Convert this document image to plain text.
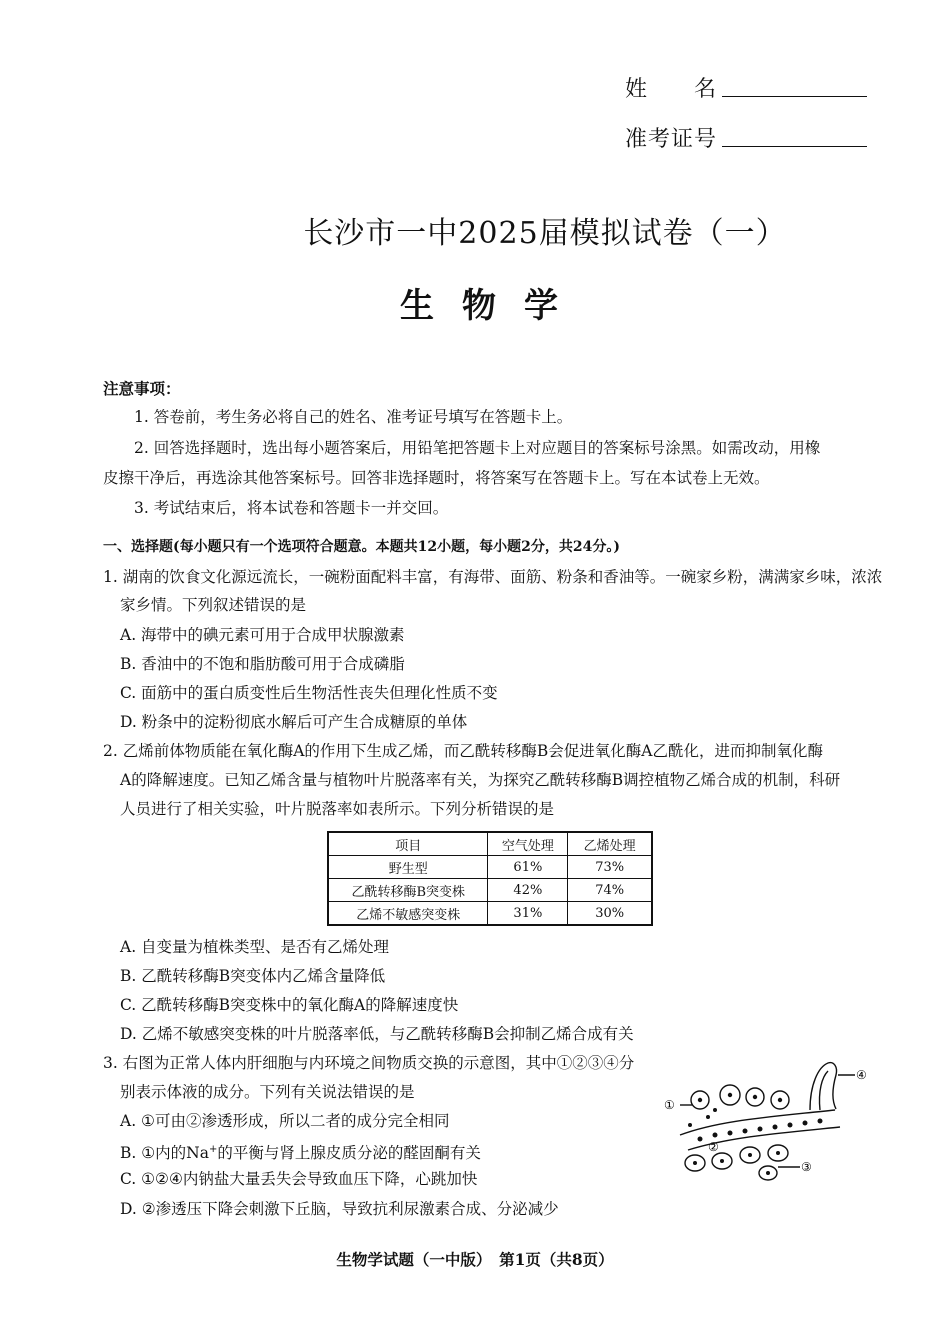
姓　　名
准考证号
长沙市一中2025届模拟试卷（一）
生物学
注意事项：
1. 答卷前，考生务必将自己的姓名、准考证号填写在答题卡上。
2. 回答选择题时，选出每小题答案后，用铅笔把答题卡上对应题目的答案标号涂黑。如需改动，用橡
皮擦干净后，再选涂其他答案标号。回答非选择题时，将答案写在答题卡上。写在本试卷上无效。
3. 考试结束后，将本试卷和答题卡一并交回。
一、选择题(每小题只有一个选项符合题意。本题共12小题，每小题2分，共24分。)
1. 湖南的饮食文化源远流长，一碗粉面配料丰富，有海带、面筋、粉条和香油等。一碗家乡粉，满满家乡味，浓浓
家乡情。下列叙述错误的是
A. 海带中的碘元素可用于合成甲状腺激素
B. 香油中的不饱和脂肪酸可用于合成磷脂
C. 面筋中的蛋白质变性后生物活性丧失但理化性质不变
D. 粉条中的淀粉彻底水解后可产生合成糖原的单体
2. 乙烯前体物质能在氧化酶A的作用下生成乙烯，而乙酰转移酶B会促进氧化酶A乙酰化，进而抑制氧化酶
A的降解速度。已知乙烯含量与植物叶片脱落率有关，为探究乙酰转移酶B调控植物乙烯合成的机制，科研
人员进行了相关实验，叶片脱落率如表所示。下列分析错误的是
项目	空气处理	乙烯处理
野生型	61%	73%
乙酰转移酶B突变株	42%	74%
乙烯不敏感突变株	31%	30%
A. 自变量为植株类型、是否有乙烯处理
B. 乙酰转移酶B突变体内乙烯含量降低
C. 乙酰转移酶B突变株中的氧化酶A的降解速度快
D. 乙烯不敏感突变株的叶片脱落率低，与乙酰转移酶B会抑制乙烯合成有关
3. 右图为正常人体内肝细胞与内环境之间物质交换的示意图，其中①②③④分
别表示体液的成分。下列有关说法错误的是
A. ①可由②渗透形成，所以二者的成分完全相同
B. ①内的Na+的平衡与肾上腺皮质分泌的醛固酮有关
C. ①②④内钠盐大量丢失会导致血压下降，心跳加快
D. ②渗透压下降会刺激下丘脑，导致抗利尿激素合成、分泌减少
①
④
②
③
生物学试题（一中版）　第1页（共8页）
